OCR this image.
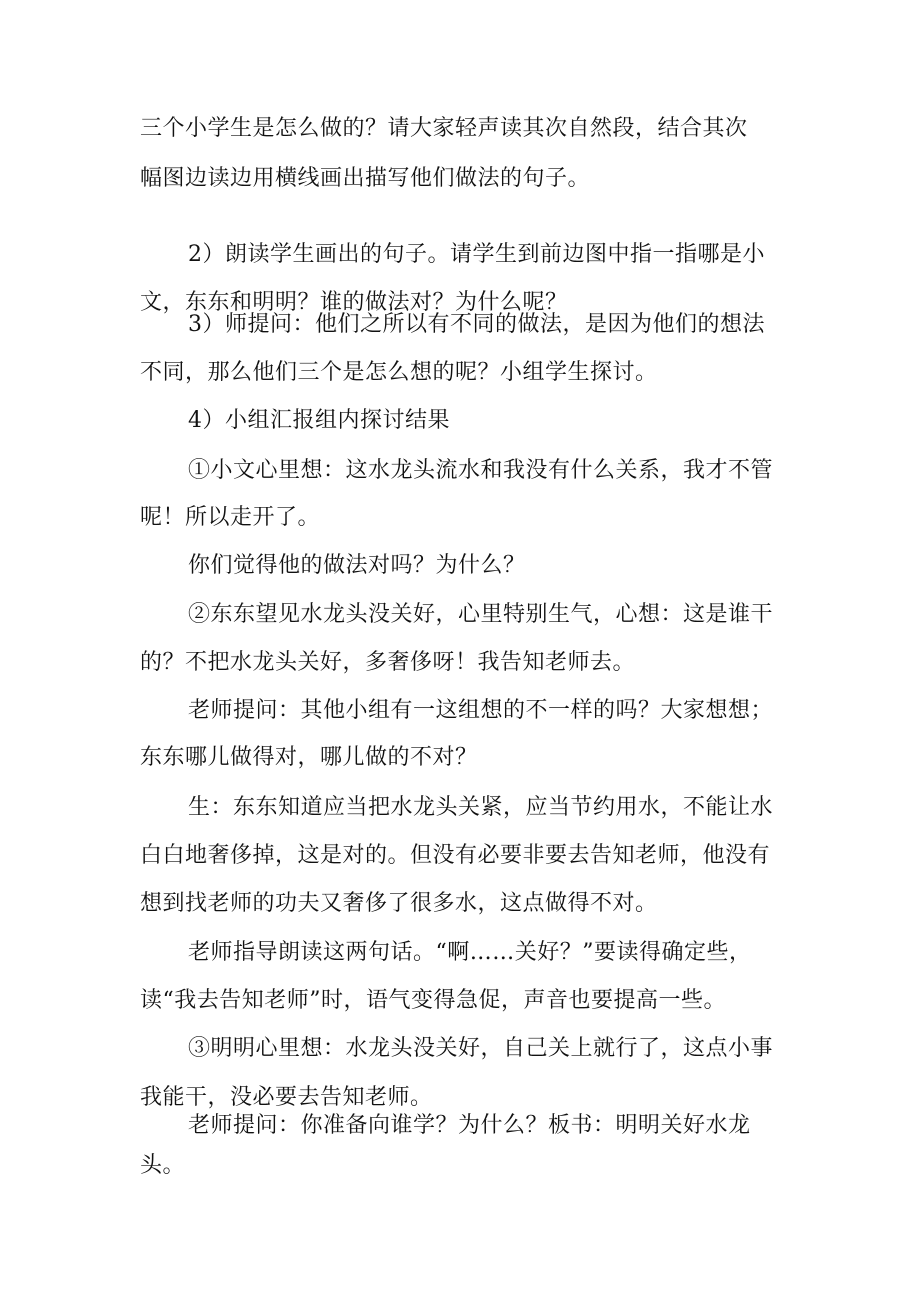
三个小学生是怎么做的？请大家轻声读其次自然段，结合其次
幅图边读边用横线画出描写他们做法的句子。
2）朗读学生画出的句子。请学生到前边图中指一指哪是小
文，东东和明明？谁的做法对？为什么呢？
3）师提问：他们之所以有不同的做法，是因为他们的想法
不同，那么他们三个是怎么想的呢？小组学生探讨。
4）小组汇报组内探讨结果
①小文心里想：这水龙头流水和我没有什么关系，我才不管
呢！所以走开了。
你们觉得他的做法对吗？为什么？
②东东望见水龙头没关好，心里特别生气，心想：这是谁干
的？不把水龙头关好，多奢侈呀！我告知老师去。
老师提问：其他小组有一这组想的不一样的吗？大家想想；
东东哪儿做得对，哪儿做的不对？
生：东东知道应当把水龙头关紧，应当节约用水，不能让水
白白地奢侈掉，这是对的。但没有必要非要去告知老师，他没有
想到找老师的功夫又奢侈了很多水，这点做得不对。
老师指导朗读这两句话。“啊……关好？”要读得确定些，
读“我去告知老师”时，语气变得急促，声音也要提高一些。
③明明心里想：水龙头没关好，自己关上就行了，这点小事
我能干，没必要去告知老师。
老师提问：你准备向谁学？为什么？板书：明明关好水龙
头。
